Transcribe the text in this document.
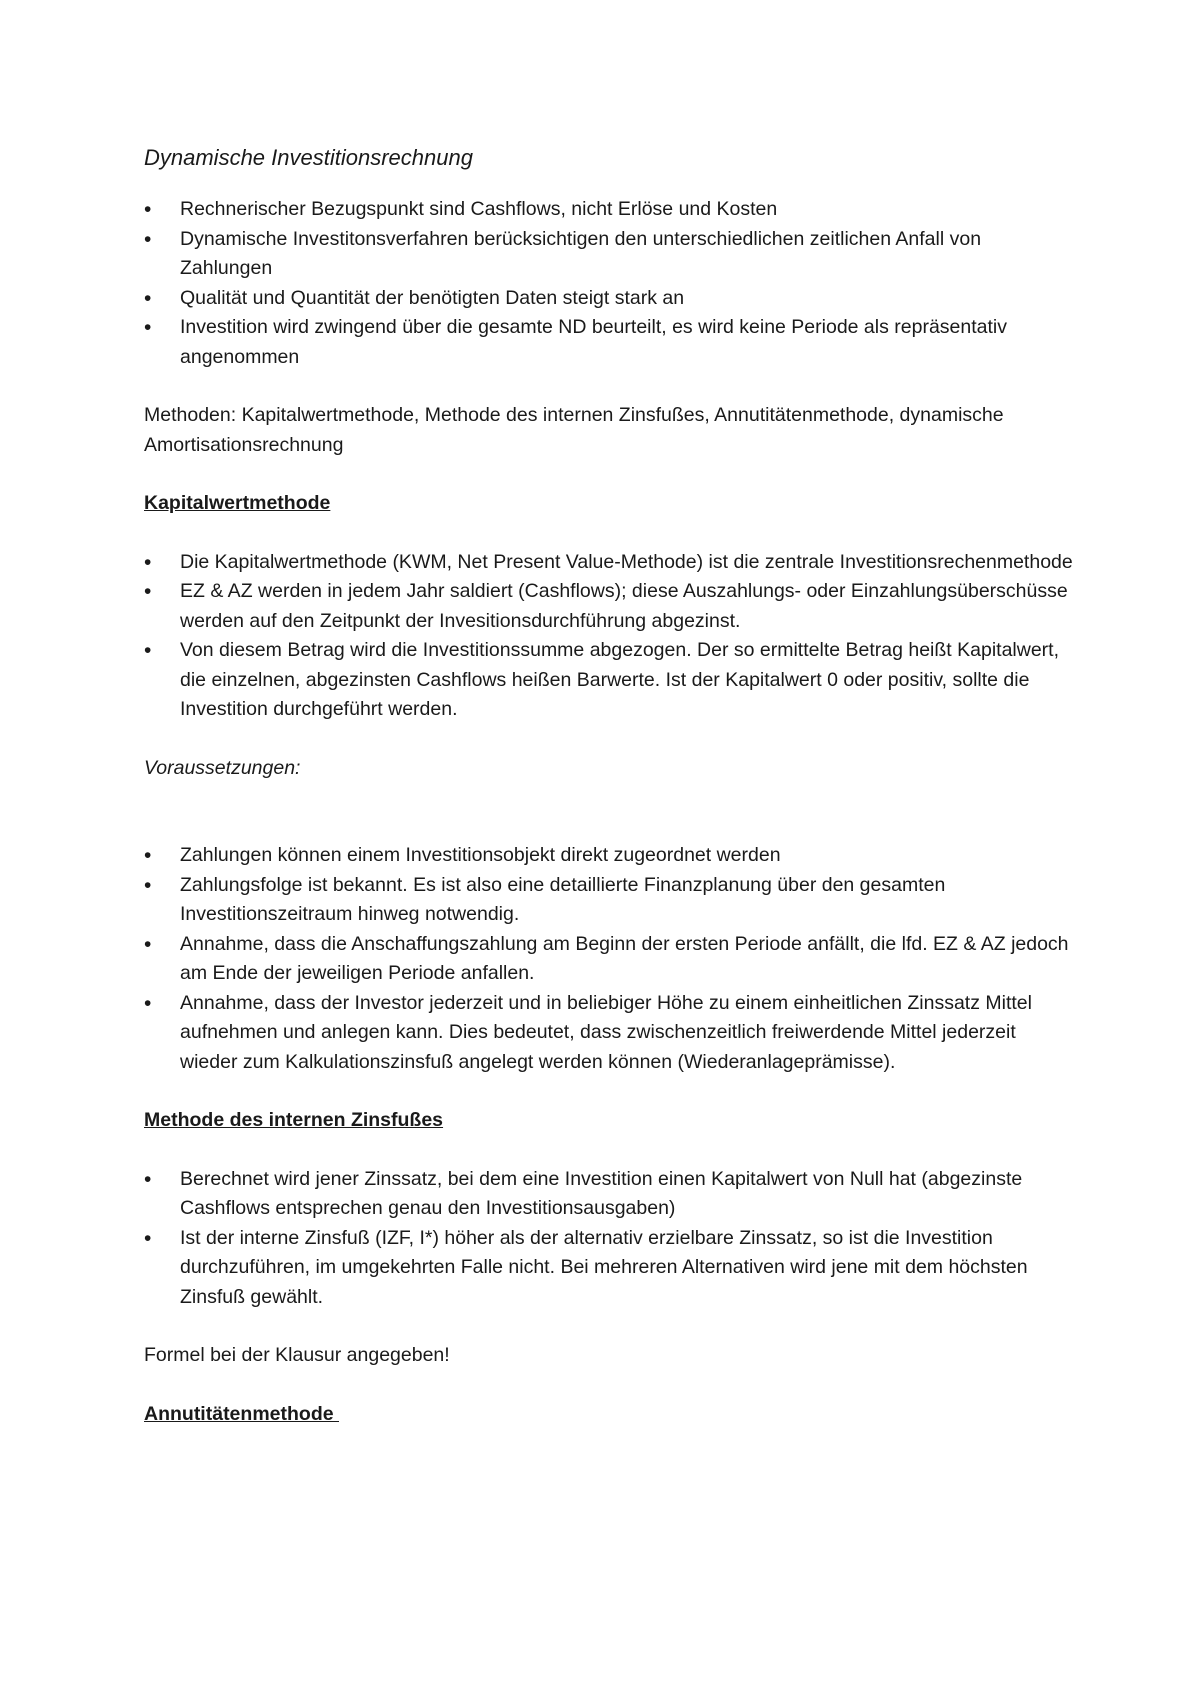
Dynamische Investitionsrechnung
• Rechnerischer Bezugspunkt sind Cashflows, nicht Erlöse und Kosten
• Dynamische Investitonsverfahren berücksichtigen den unterschiedlichen zeitlichen Anfall von Zahlungen
• Qualität und Quantität der benötigten Daten steigt stark an
• Investition wird zwingend über die gesamte ND beurteilt, es wird keine Periode als repräsentativ angenommen

Methoden: Kapitalwertmethode, Methode des internen Zinsfußes, Annutitätenmethode, dynamische Amortisationsrechnung

Kapitalwertmethode
• Die Kapitalwertmethode (KWM, Net Present Value-Methode) ist die zentrale Investitionsrechenmethode
• EZ & AZ werden in jedem Jahr saldiert (Cashflows); diese Auszahlungs- oder Einzahlungsüberschüsse werden auf den Zeitpunkt der Invesitionsdurchführung abgezinst.
• Von diesem Betrag wird die Investitionssumme abgezogen. Der so ermittelte Betrag heißt Kapitalwert, die einzelnen, abgezinsten Cashflows heißen Barwerte. Ist der Kapitalwert 0 oder positiv, sollte die Investition durchgeführt werden.

Voraussetzungen:

• Zahlungen können einem Investitionsobjekt direkt zugeordnet werden
• Zahlungsfolge ist bekannt. Es ist also eine detaillierte Finanzplanung über den gesamten Investitionszeitraum hinweg notwendig.
• Annahme, dass die Anschaffungszahlung am Beginn der ersten Periode anfällt, die lfd. EZ & AZ jedoch am Ende der jeweiligen Periode anfallen.
• Annahme, dass der Investor jederzeit und in beliebiger Höhe zu einem einheitlichen Zinssatz Mittel aufnehmen und anlegen kann. Dies bedeutet, dass zwischenzeitlich freiwerdende Mittel jederzeit wieder zum Kalkulationszinsfuß angelegt werden können (Wiederanlageprämisse).
Methode des internen Zinsfußes
• Berechnet wird jener Zinssatz, bei dem eine Investition einen Kapitalwert von Null hat (abgezinste Cashflows entsprechen genau den Investitionsausgaben)
• Ist der interne Zinsfuß (IZF, I*) höher als der alternativ erzielbare Zinssatz, so ist die Investition durchzuführen, im umgekehrten Falle nicht. Bei mehreren Alternativen wird jene mit dem höchsten Zinsfuß gewählt.

Formel bei der Klausur angegeben!

Annutitätenmethode
